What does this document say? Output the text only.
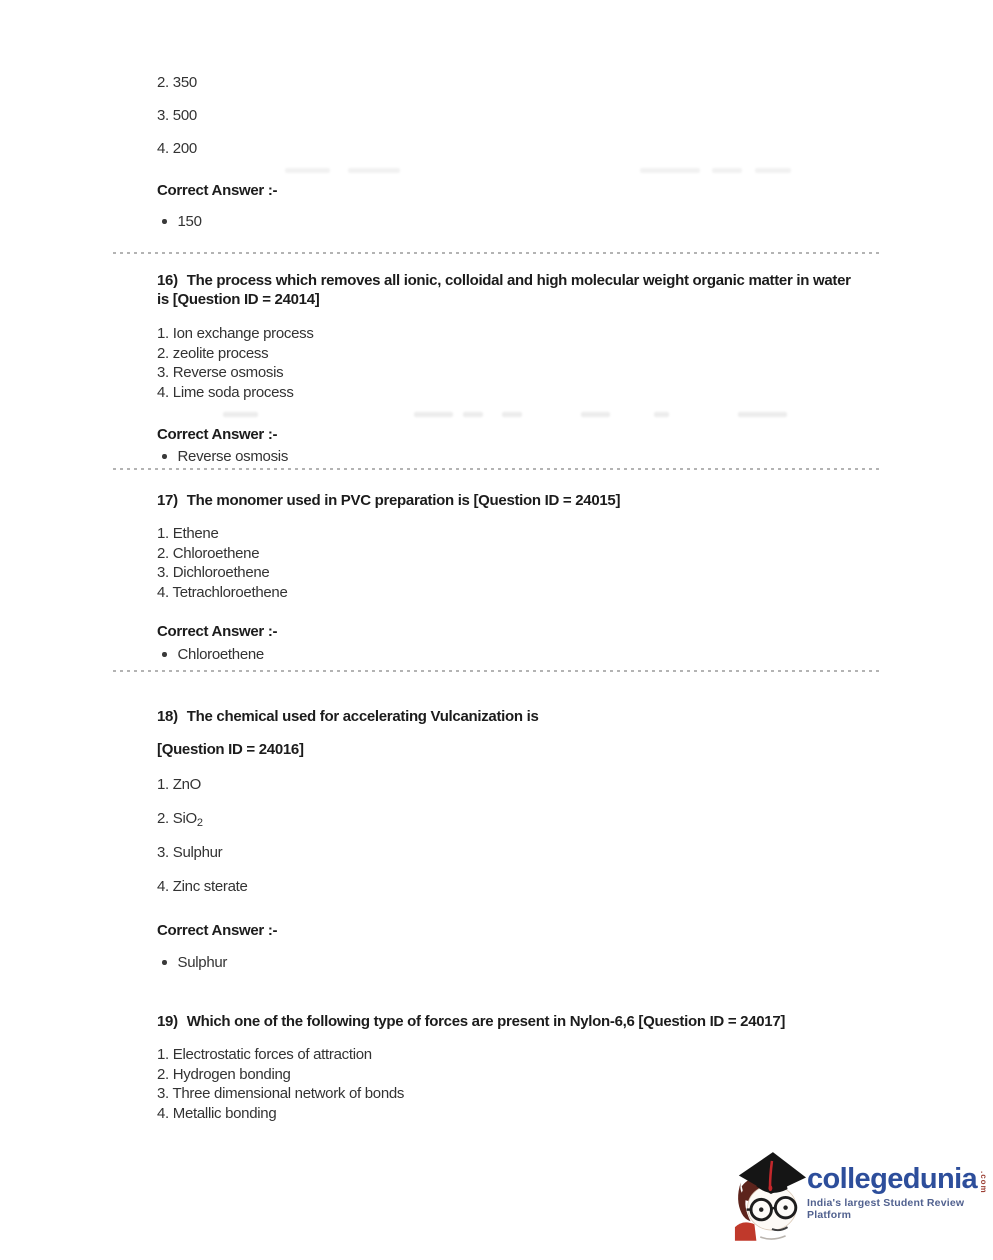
2. 350
3. 500
4. 200
Correct Answer :-
150
16) The process which removes all ionic, colloidal and high molecular weight organic matter in water is [Question ID = 24014]
1. Ion exchange process
2. zeolite process
3. Reverse osmosis
4. Lime soda process
Correct Answer :-
Reverse osmosis
17) The monomer used in PVC preparation is [Question ID = 24015]
1. Ethene
2. Chloroethene
3. Dichloroethene
4. Tetrachloroethene
Correct Answer :-
Chloroethene
18) The chemical used for accelerating Vulcanization is
[Question ID = 24016]
1. ZnO
2. SiO$_2$
3. Sulphur
4. Zinc sterate
Correct Answer :-
Sulphur
19) Which one of the following type of forces are present in Nylon-6,6 [Question ID = 24017]
1. Electrostatic forces of attraction
2. Hydrogen bonding
3. Three dimensional network of bonds
4. Metallic bonding
collegedunia .com
India's largest Student Review Platform
